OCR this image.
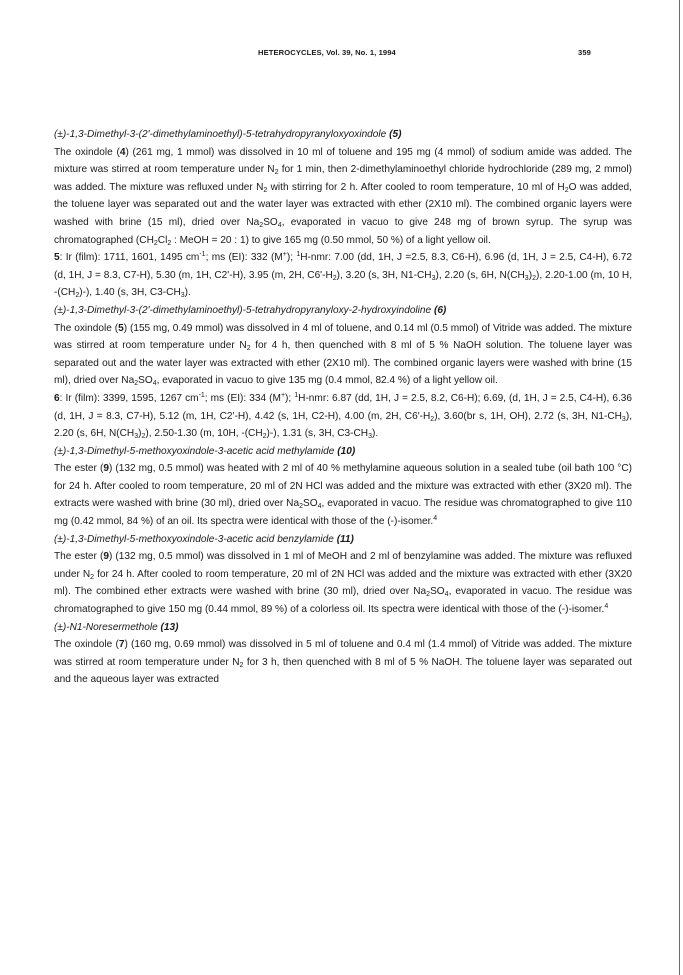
HETEROCYCLES, Vol. 39, No. 1, 1994	359

(±)-1,3-Dimethyl-3-(2'-dimethylaminoethyl)-5-tetrahydropyranyloxyoxindole (5)

The oxindole (4) (261 mg, 1 mmol) was dissolved in 10 ml of toluene and 195 mg (4 mmol) of sodium amide was added. The mixture was stirred at room temperature under $N_2$ for 1 min, then 2-dimethylaminoethyl chloride hydrochloride (289 mg, 2 mmol) was added. The mixture was refluxed under $N_2$ with stirring for 2 h. After cooled to room temperature, 10 ml of $H_2O$ was added, the toluene layer was separated out and the water layer was extracted with ether (2X10 ml). The combined organic layers were washed with brine (15 ml), dried over $Na_2SO_4$, evaporated in vacuo to give 248 mg of brown syrup. The syrup was chromatographed ($CH_2Cl_2$ : MeOH = 20 : 1) to give 165 mg (0.50 mmol, 50 %) of a light yellow oil.

5: Ir (film): 1711, 1601, 1495 $cm^{-1}$; ms (EI): 332 (M+); $^1$H-nmr: 7.00 (dd, 1H, J =2.5, 8.3, C6-H), 6.96 (d, 1H, J = 2.5, C4-H), 6.72 (d, 1H, J = 8.3, C7-H), 5.30 (m, 1H, C2'-H), 3.95 (m, 2H, $C6'-H_2$), 3.20 (s, 3H, $N1-CH_3$), 2.20 (s, 6H, $N(CH_3)_2$), 2.20-1.00 (m, 10 H, $-(CH_2)-$), 1.40 (s, 3H, $C3-CH_3$).

(±)-1,3-Dimethyl-3-(2'-dimethylaminoethyl)-5-tetrahydropyranyloxy-2-hydroxyindoline (6)

The oxindole (5) (155 mg, 0.49 mmol) was dissolved in 4 ml of toluene, and 0.14 ml (0.5 mmol) of Vitride was added. The mixture was stirred at room temperature under $N_2$ for 4 h, then quenched with 8 ml of 5 % NaOH solution. The toluene layer was separated out and the water layer was extracted with ether (2X10 ml). The combined organic layers were washed with brine (15 ml), dried over $Na_2SO_4$, evaporated in vacuo to give 135 mg (0.4 mmol, 82.4 %) of a light yellow oil.

6: Ir (film): 3399, 1595, 1267 $cm^{-1}$; ms (EI): 334 (M+); $^1$H-nmr: 6.87 (dd, 1H, J = 2.5, 8.2, C6-H); 6.69, (d, 1H, J = 2.5, C4-H), 6.36 (d, 1H, J = 8.3, C7-H), 5.12 (m, 1H, C2'-H), 4.42 (s, 1H, C2-H), 4.00 (m, 2H, $C6'-H_2$), 3.60(br s, 1H, OH), 2.72 (s, 3H, $N1-CH_3$), 2.20 (s, 6H, $N(CH_3)_2$), 2.50-1.30 (m, 10H, $-(CH_2)-$), 1.31 (s, 3H, $C3-CH_3$).

(±)-1,3-Dimethyl-5-methoxyoxindole-3-acetic acid methylamide (10)

The ester (9) (132 mg, 0.5 mmol) was heated with 2 ml of 40 % methylamine aqueous solution in a sealed tube (oil bath 100 °C) for 24 h. After cooled to room temperature, 20 ml of 2N HCl was added and the mixture was extracted with ether (3X20 ml). The extracts were washed with brine (30 ml), dried over $Na_2SO_4$, evaporated in vacuo. The residue was chromatographed to give 110 mg (0.42 mmol, 84 %) of an oil. Its spectra were identical with those of the (-)-isomer.$^4$

(±)-1,3-Dimethyl-5-methoxyoxindole-3-acetic acid benzylamide (11)

The ester (9) (132 mg, 0.5 mmol) was dissolved in 1 ml of MeOH and 2 ml of benzylamine was added. The mixture was refluxed under $N_2$ for 24 h. After cooled to room temperature, 20 ml of 2N HCl was added and the mixture was extracted with ether (3X20 ml). The combined ether extracts were washed with brine (30 ml), dried over $Na_2SO_4$, evaporated in vacuo. The residue was chromatographed to give 150 mg (0.44 mmol, 89 %) of a colorless oil. Its spectra were identical with those of the (-)-isomer.$^4$

(±)-N1-Noresermethole (13)

The oxindole (7) (160 mg, 0.69 mmol) was dissolved in 5 ml of toluene and 0.4 ml (1.4 mmol) of Vitride was added. The mixture was stirred at room temperature under $N_2$ for 3 h, then quenched with 8 ml of 5 % NaOH. The toluene layer was separated out and the aqueous layer was extracted
